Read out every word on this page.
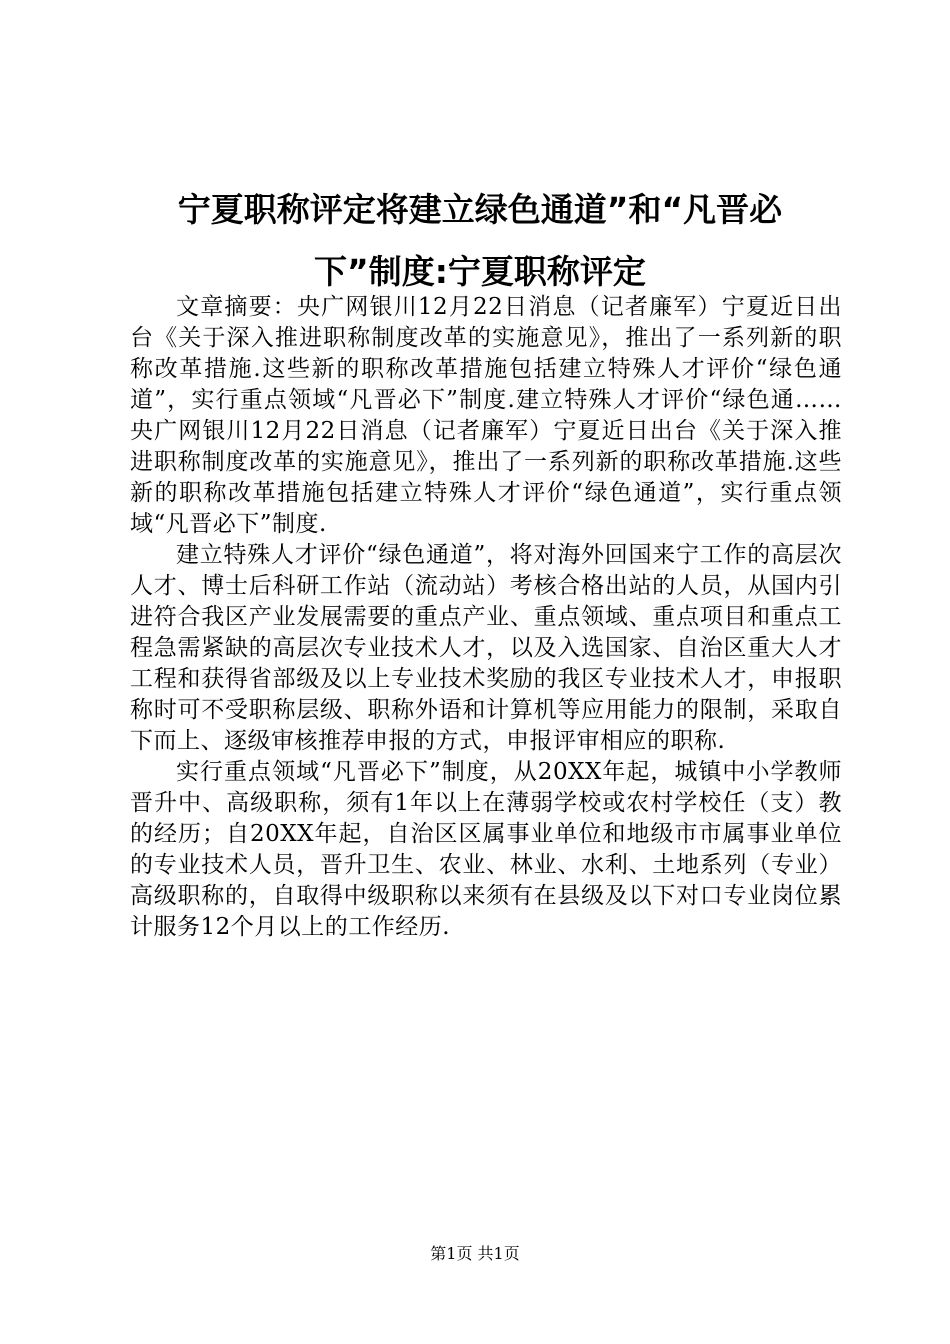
宁夏职称评定将建立绿色通道”和“凡晋必
下”制度:宁夏职称评定

文章摘要：央广网银川12月22日消息（记者廉军）宁夏近日出台《关于深入推进职称制度改革的实施意见》，推出了一系列新的职称改革措施.这些新的职称改革措施包括建立特殊人才评价“绿色通道”，实行重点领域“凡晋必下”制度.建立特殊人才评价“绿色通……央广网银川12月22日消息（记者廉军）宁夏近日出台《关于深入推进职称制度改革的实施意见》，推出了一系列新的职称改革措施.这些新的职称改革措施包括建立特殊人才评价“绿色通道”，实行重点领域“凡晋必下”制度.

建立特殊人才评价“绿色通道”，将对海外回国来宁工作的高层次人才、博士后科研工作站（流动站）考核合格出站的人员，从国内引进符合我区产业发展需要的重点产业、重点领域、重点项目和重点工程急需紧缺的高层次专业技术人才，以及入选国家、自治区重大人才工程和获得省部级及以上专业技术奖励的我区专业技术人才，申报职称时可不受职称层级、职称外语和计算机等应用能力的限制，采取自下而上、逐级审核推荐申报的方式，申报评审相应的职称.

实行重点领域“凡晋必下”制度，从20XX年起，城镇中小学教师晋升中、高级职称，须有1年以上在薄弱学校或农村学校任（支）教的经历；自20XX年起，自治区区属事业单位和地级市市属事业单位的专业技术人员，晋升卫生、农业、林业、水利、土地系列（专业）高级职称的，自取得中级职称以来须有在县级及以下对口专业岗位累计服务12个月以上的工作经历.

第1页 共1页
